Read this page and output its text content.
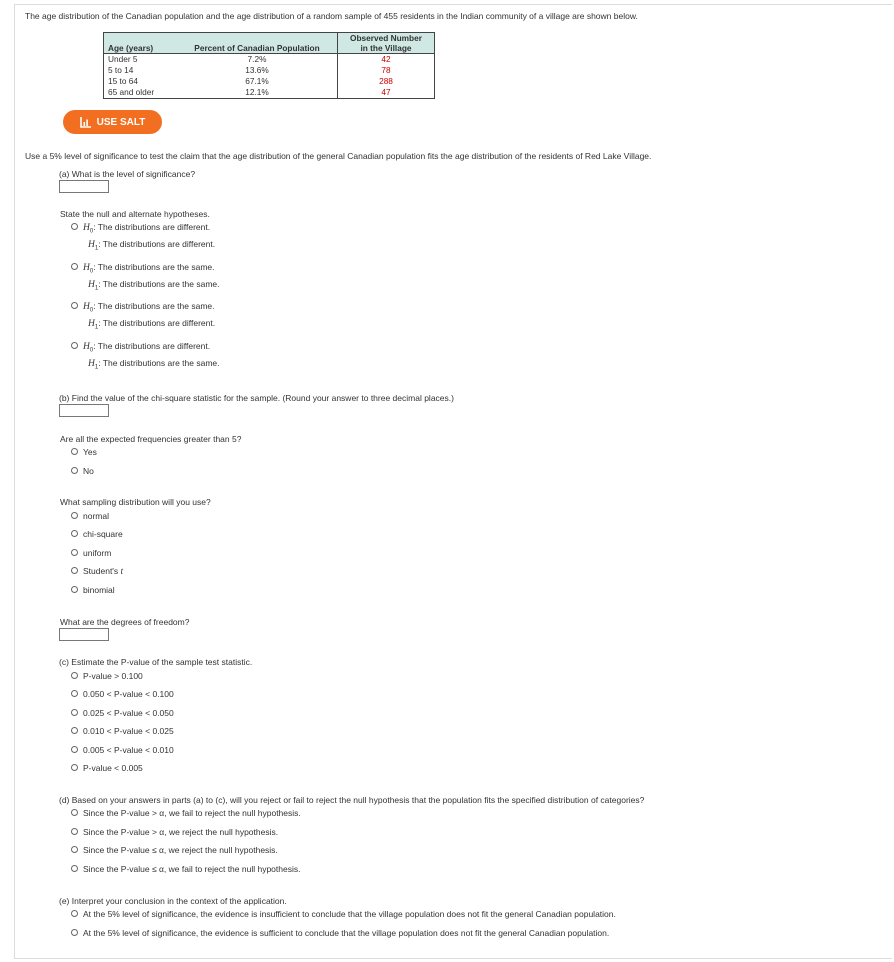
The age distribution of the Canadian population and the age distribution of a random sample of 455 residents in the Indian community of a village are shown below.
Age (years)	Percent of Canadian Population	Observed Number
		in the Village
Under 5	7.2%	42
5 to 14	13.6%	78
15 to 64	67.1%	288
65 and older	12.1%	47
USE SALT
Use a 5% level of significance to test the claim that the age distribution of the general Canadian population fits the age distribution of the residents of Red Lake Village.
(a) What is the level of significance?
State the null and alternate hypotheses.
$H_0$: The distributions are different.
$H_1$: The distributions are different.
$H_0$: The distributions are the same.
$H_1$: The distributions are the same.
$H_0$: The distributions are the same.
$H_1$: The distributions are different.
$H_0$: The distributions are different.
$H_1$: The distributions are the same.
(b) Find the value of the chi-square statistic for the sample. (Round your answer to three decimal places.)
Are all the expected frequencies greater than 5?
Yes
No
What sampling distribution will you use?
normal
chi-square
uniform
Student's t
binomial
What are the degrees of freedom?
(c) Estimate the P-value of the sample test statistic.
P-value > 0.100
0.050 < P-value < 0.100
0.025 < P-value < 0.050
0.010 < P-value < 0.025
0.005 < P-value < 0.010
P-value < 0.005
(d) Based on your answers in parts (a) to (c), will you reject or fail to reject the null hypothesis that the population fits the specified distribution of categories?
Since the P-value > α, we fail to reject the null hypothesis.
Since the P-value > α, we reject the null hypothesis.
Since the P-value ≤ α, we reject the null hypothesis.
Since the P-value ≤ α, we fail to reject the null hypothesis.
(e) Interpret your conclusion in the context of the application.
At the 5% level of significance, the evidence is insufficient to conclude that the village population does not fit the general Canadian population.
At the 5% level of significance, the evidence is sufficient to conclude that the village population does not fit the general Canadian population.
